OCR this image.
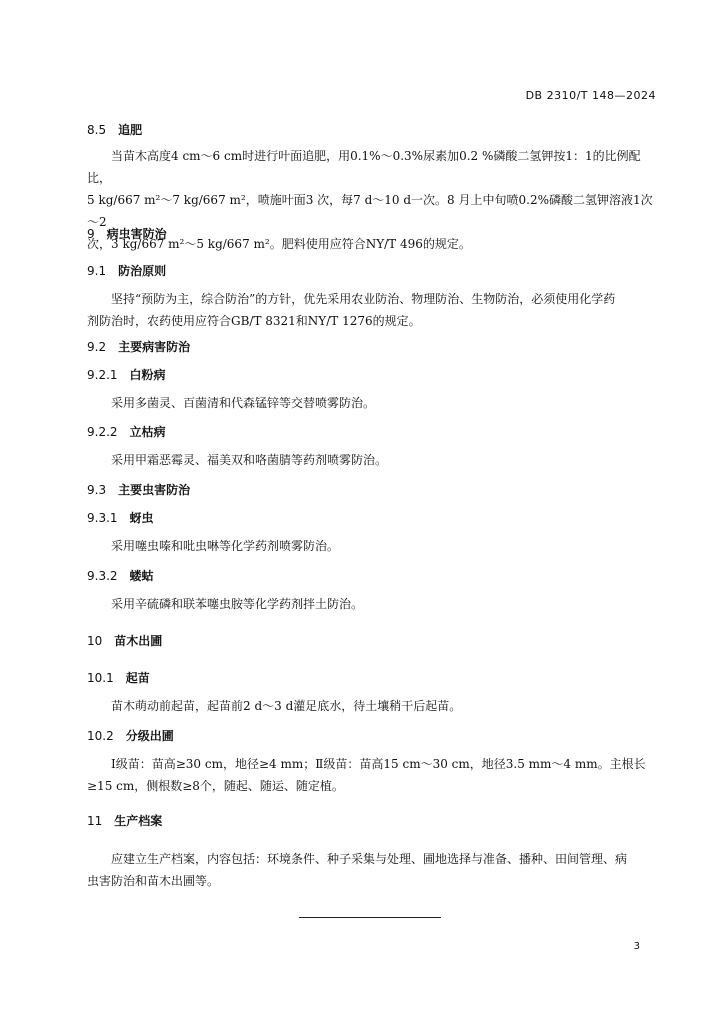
DB 2310/T 148—2024
8.5 追肥
　　当苗木高度4 cm～6 cm时进行叶面追肥，用0.1%～0.3%尿素加0.2 %磷酸二氢钾按1：1的比例配比，
5 kg/667 m²～7 kg/667 m²，喷施叶面3 次，每7 d～10 d一次。8 月上中旬喷0.2%磷酸二氢钾溶液1次～2
次，3 kg/667 m²～5 kg/667 m²。肥料使用应符合NY/T 496的规定。
9 病虫害防治
9.1 防治原则
　　坚持“预防为主，综合防治”的方针，优先采用农业防治、物理防治、生物防治，必须使用化学药
剂防治时，农药使用应符合GB/T 8321和NY/T 1276的规定。
9.2 主要病害防治
9.2.1 白粉病
　　采用多菌灵、百菌清和代森锰锌等交替喷雾防治。
9.2.2 立枯病
　　采用甲霜恶霉灵、福美双和咯菌腈等药剂喷雾防治。
9.3 主要虫害防治
9.3.1 蚜虫
　　采用噻虫嗪和吡虫啉等化学药剂喷雾防治。
9.3.2 蝼蛄
　　采用辛硫磷和联苯噻虫胺等化学药剂拌土防治。
10 苗木出圃
10.1 起苗
　　苗木萌动前起苗，起苗前2 d～3 d灌足底水，待土壤稍干后起苗。
10.2 分级出圃
　　Ⅰ级苗：苗高≥30 cm，地径≥4 mm；Ⅱ级苗：苗高15 cm～30 cm，地径3.5 mm～4 mm。主根长
≥15 cm，侧根数≥8个，随起、随运、随定植。
11 生产档案
　　应建立生产档案，内容包括：环境条件、种子采集与处理、圃地选择与准备、播种、田间管理、病
虫害防治和苗木出圃等。
3
